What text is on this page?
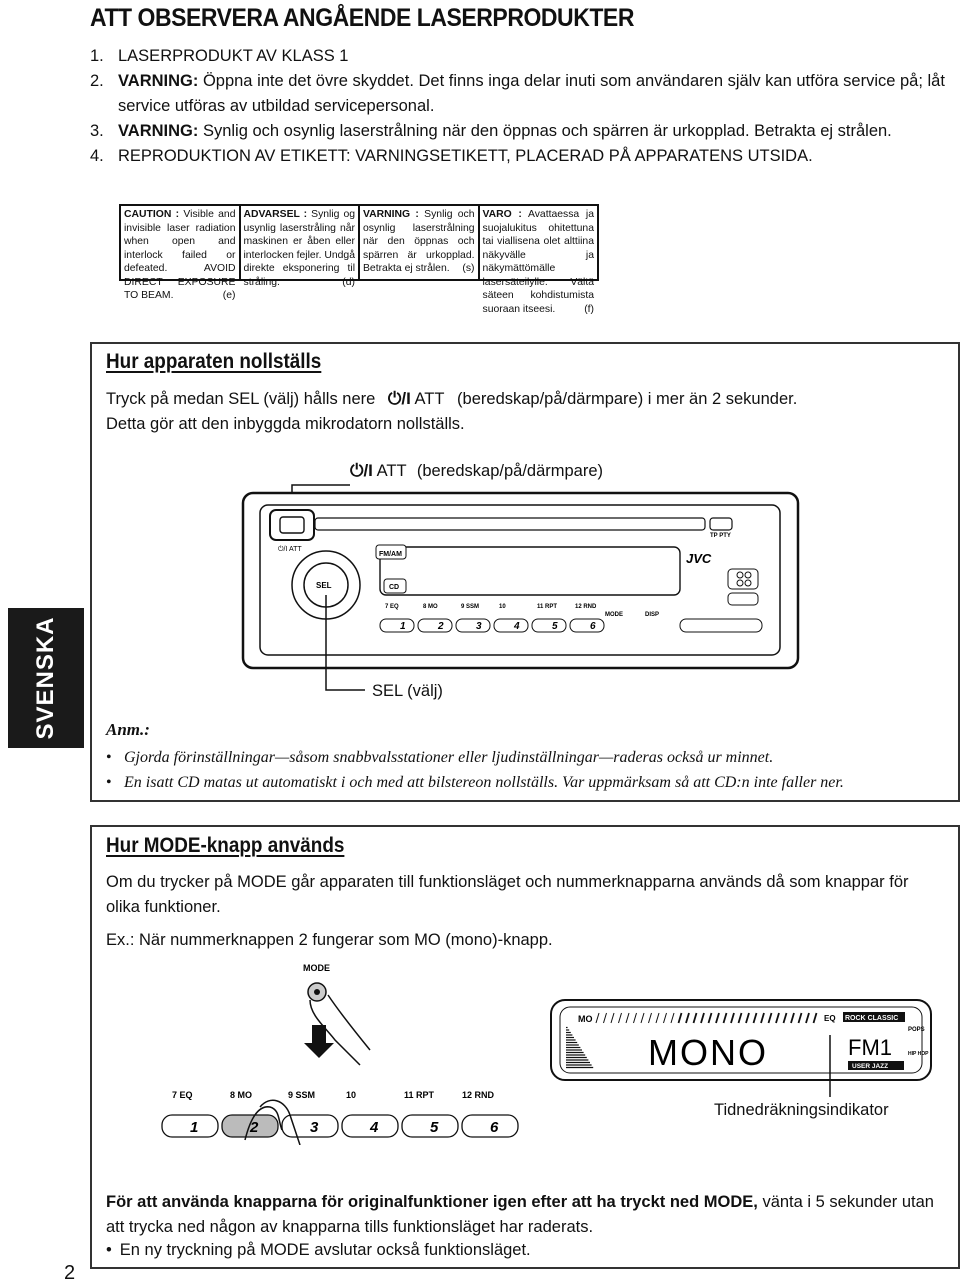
ATT OBSERVERA ANGÅENDE LASERPRODUKTER
1. LASERPRODUKT AV KLASS 1
2. VARNING: Öppna inte det övre skyddet. Det finns inga delar inuti som användaren själv kan utföra service på; låt service utföras av utbildad servicepersonal.
3. VARNING: Synlig och osynlig laserstrålning när den öppnas och spärren är urkopplad. Betrakta ej strålen.
4. REPRODUKTION AV ETIKETT: VARNINGSETIKETT, PLACERAD PÅ APPARATENS UTSIDA.
CAUTION : Visible and invisible laser radiation when open and interlock failed or defeated. AVOID DIRECT EXPOSURE TO BEAM.	(e)
ADVARSEL : Synlig og usynlig laserstråling når maskinen er åben eller interlocken fejler. Undgå direkte eksponering til stråling.	(d)
VARNING : Synlig och osynlig laserstrålning när den öppnas och spärren är urkopplad. Betrakta ej strålen. (s)
VARO : Avattaessa ja suojalukitus ohitettuna tai viallisena olet alttiina näkyvälle ja näkymättömälle lasersäteilylle. Vältä säteen kohdistumista suoraan itseesi.	(f)
Hur apparaten nollställs
Tryck på medan SEL (välj) hålls nere ⏻/I ATT (beredskap/på/därmpare) i mer än 2 sekunder.
Detta gör att den inbyggda mikrodatorn nollställs.
⏻/I ATT (beredskap/på/därmpare)
⏻/I ATT
TP PTY
JVC
FM/AM
CD
SEL
7 EQ	8 MO	9 SSM	10	11 RPT	12 RND
1	2	3	4	5	6
MODE	DISP
SEL (välj)
Anm.:
• Gjorda förinställningar—såsom snabbvalsstationer eller ljudinställningar—raderas också ur minnet.
• En isatt CD matas ut automatiskt i och med att bilstereon nollställs. Var uppmärksam så att CD:n inte faller ner.
SVENSKA
Hur MODE-knapp används
Om du trycker på MODE går apparaten till funktionsläget och nummerknapparna används då som knappar för olika funktioner.
Ex.: När nummerknappen 2 fungerar som MO (mono)-knapp.
MODE
7 EQ	8 MO	9 SSM	10	11 RPT	12 RND
1	2	3	4	5	6
MO	EQ ROCK CLASSIC
POPS
MONO	FM1
USER JAZZ
HIP HOP
Tidnedräkningsindikator
För att använda knapparna för originalfunktioner igen efter att ha tryckt ned MODE, vänta i 5 sekunder utan att trycka ned någon av knapparna tills funktionsläget har raderats.
• En ny tryckning på MODE avslutar också funktionsläget.
2
